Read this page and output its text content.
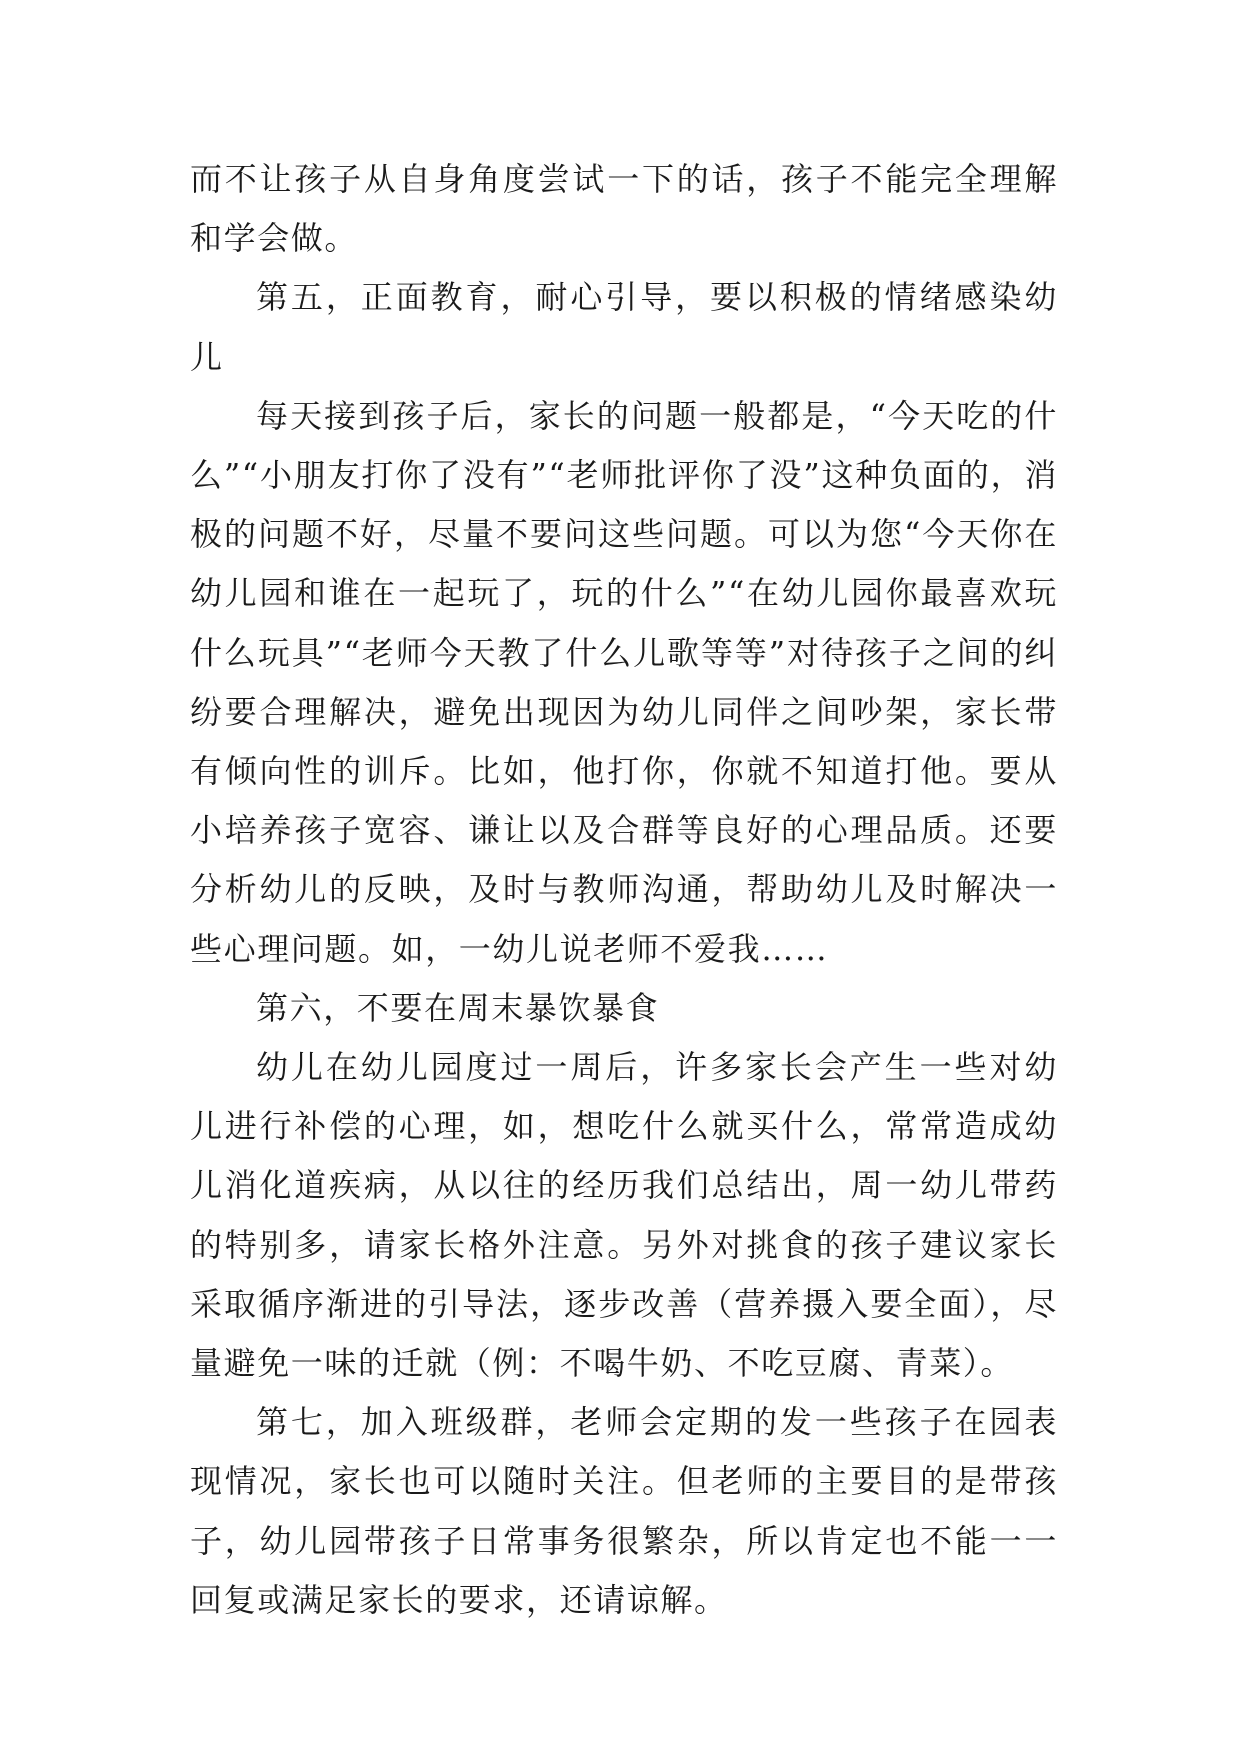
而不让孩子从自身角度尝试一下的话，孩子不能完全理解和学会做。

第五，正面教育，耐心引导，要以积极的情绪感染幼儿

每天接到孩子后，家长的问题一般都是，“今天吃的什么”“小朋友打你了没有”“老师批评你了没”这种负面的，消极的问题不好，尽量不要问这些问题。可以为您“今天你在幼儿园和谁在一起玩了，玩的什么”“在幼儿园你最喜欢玩什么玩具”“老师今天教了什么儿歌等等”对待孩子之间的纠纷要合理解决，避免出现因为幼儿同伴之间吵架，家长带有倾向性的训斥。比如，他打你，你就不知道打他。要从小培养孩子宽容、谦让以及合群等良好的心理品质。还要分析幼儿的反映，及时与教师沟通，帮助幼儿及时解决一些心理问题。如，一幼儿说老师不爱我……

第六，不要在周末暴饮暴食

幼儿在幼儿园度过一周后，许多家长会产生一些对幼儿进行补偿的心理，如，想吃什么就买什么，常常造成幼儿消化道疾病，从以往的经历我们总结出，周一幼儿带药的特别多，请家长格外注意。另外对挑食的孩子建议家长采取循序渐进的引导法，逐步改善（营养摄入要全面），尽量避免一味的迁就（例：不喝牛奶、不吃豆腐、青菜）。

第七，加入班级群，老师会定期的发一些孩子在园表现情况，家长也可以随时关注。但老师的主要目的是带孩子，幼儿园带孩子日常事务很繁杂，所以肯定也不能一一回复或满足家长的要求，还请谅解。
